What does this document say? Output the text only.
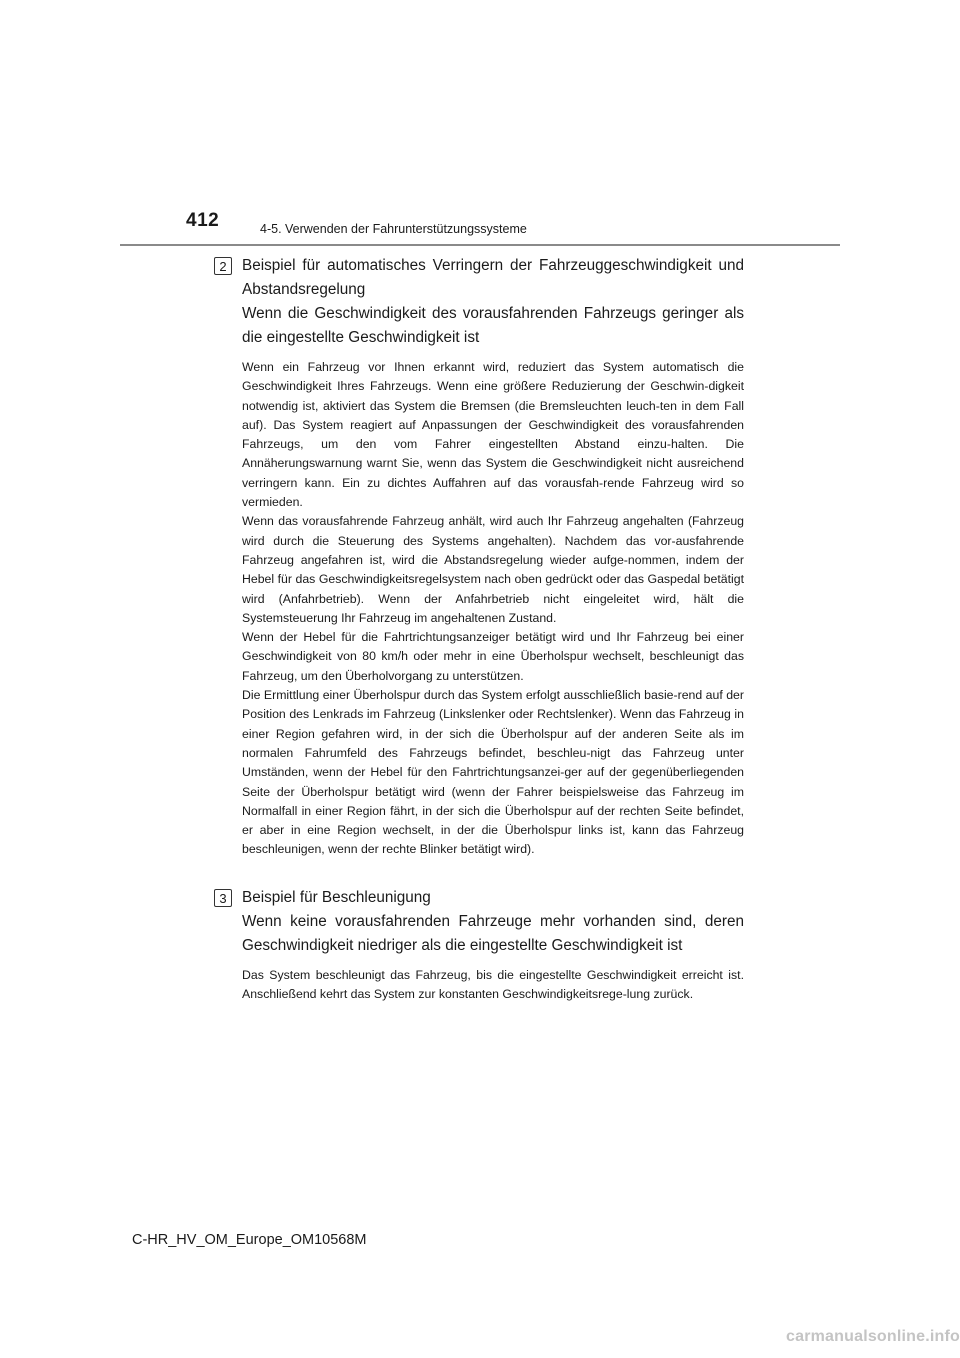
412	4-5. Verwenden der Fahrunterstützungssysteme
2	Beispiel für automatisches Verringern der Fahrzeuggeschwindigkeit und Abstandsregelung

Wenn die Geschwindigkeit des vorausfahrenden Fahrzeugs geringer als die eingestellte Geschwindigkeit ist

Wenn ein Fahrzeug vor Ihnen erkannt wird, reduziert das System automatisch die Geschwindigkeit Ihres Fahrzeugs. Wenn eine größere Reduzierung der Geschwin-digkeit notwendig ist, aktiviert das System die Bremsen (die Bremsleuchten leuch-ten in dem Fall auf). Das System reagiert auf Anpassungen der Geschwindigkeit des vorausfahrenden Fahrzeugs, um den vom Fahrer eingestellten Abstand einzu-halten. Die Annäherungswarnung warnt Sie, wenn das System die Geschwindigkeit nicht ausreichend verringern kann. Ein zu dichtes Auffahren auf das vorausfah-rende Fahrzeug wird so vermieden.

Wenn das vorausfahrende Fahrzeug anhält, wird auch Ihr Fahrzeug angehalten (Fahrzeug wird durch die Steuerung des Systems angehalten). Nachdem das vor-ausfahrende Fahrzeug angefahren ist, wird die Abstandsregelung wieder aufge-nommen, indem der Hebel für das Geschwindigkeitsregelsystem nach oben gedrückt oder das Gaspedal betätigt wird (Anfahrbetrieb). Wenn der Anfahrbetrieb nicht eingeleitet wird, hält die Systemsteuerung Ihr Fahrzeug im angehaltenen Zustand.

Wenn der Hebel für die Fahrtrichtungsanzeiger betätigt wird und Ihr Fahrzeug bei einer Geschwindigkeit von 80 km/h oder mehr in eine Überholspur wechselt, beschleunigt das Fahrzeug, um den Überholvorgang zu unterstützen.

Die Ermittlung einer Überholspur durch das System erfolgt ausschließlich basie-rend auf der Position des Lenkrads im Fahrzeug (Linkslenker oder Rechtslenker). Wenn das Fahrzeug in einer Region gefahren wird, in der sich die Überholspur auf der anderen Seite als im normalen Fahrumfeld des Fahrzeugs befindet, beschleu-nigt das Fahrzeug unter Umständen, wenn der Hebel für den Fahrtrichtungsanzei-ger auf der gegenüberliegenden Seite der Überholspur betätigt wird (wenn der Fahrer beispielsweise das Fahrzeug im Normalfall in einer Region fährt, in der sich die Überholspur auf der rechten Seite befindet, er aber in eine Region wechselt, in der die Überholspur links ist, kann das Fahrzeug beschleunigen, wenn der rechte Blinker betätigt wird).

3	Beispiel für Beschleunigung

Wenn keine vorausfahrenden Fahrzeuge mehr vorhanden sind, deren Geschwindigkeit niedriger als die eingestellte Geschwindigkeit ist

Das System beschleunigt das Fahrzeug, bis die eingestellte Geschwindigkeit erreicht ist. Anschließend kehrt das System zur konstanten Geschwindigkeitsrege-lung zurück.

C-HR_HV_OM_Europe_OM10568M
carmanualsonline.info
